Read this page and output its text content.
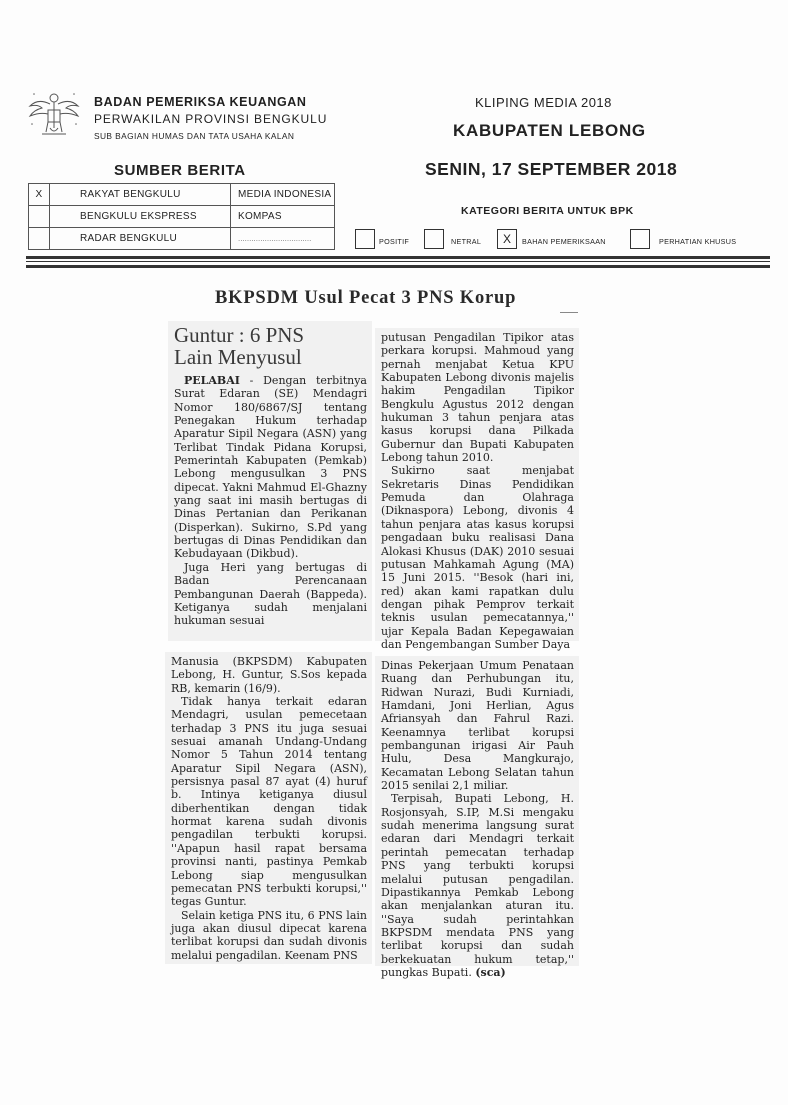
BADAN PEMERIKSA KEUANGAN
PERWAKILAN PROVINSI BENGKULU
SUB BAGIAN HUMAS DAN TATA USAHA KALAN
KLIPING MEDIA 2018
KABUPATEN LEBONG
SUMBER BERITA	SENIN, 17 SEPTEMBER 2018
X	RAKYAT BENGKULU	MEDIA INDONESIA
	BENGKULU EKSPRESS	KOMPAS
	RADAR BENGKULU	.................................
KATEGORI BERITA UNTUK BPK
POSITIF	NETRAL	X	BAHAN PEMERIKSAAN	PERHATIAN KHUSUS
BKPSDM Usul Pecat 3 PNS Korup
Guntur : 6 PNS
Lain Menyusul

PELABAI - Dengan terbitnya Surat Edaran (SE) Mendagri Nomor 180/6867/SJ tentang Penegakan Hukum terhadap Aparatur Sipil Negara (ASN) yang Terlibat Tindak Pidana Korupsi, Pemerintah Kabupaten (Pemkab) Lebong mengusulkan 3 PNS dipecat. Yakni Mahmud El-Ghazny yang saat ini masih bertugas di Dinas Pertanian dan Perikanan (Disperkan). Sukirno, S.Pd yang bertugas di Dinas Pendidikan dan Kebudayaan (Dikbud).

Juga Heri yang bertugas di Badan Perencanaan Pembangunan Daerah (Bappeda). Ketiganya sudah menjalani hukuman sesuai

putusan Pengadilan Tipikor atas perkara korupsi. Mahmoud yang pernah menjabat Ketua KPU Kabupaten Lebong divonis majelis hakim Pengadilan Tipikor Bengkulu Agustus 2012 dengan hukuman 3 tahun penjara atas kasus korupsi dana Pilkada Gubernur dan Bupati Kabupaten Lebong tahun 2010.

Sukirno saat menjabat Sekretaris Dinas Pendidikan Pemuda dan Olahraga (Diknaspora) Lebong, divonis 4 tahun penjara atas kasus korupsi pengadaan buku realisasi Dana Alokasi Khusus (DAK) 2010 sesuai putusan Mahkamah Agung (MA) 15 Juni 2015. ''Besok (hari ini, red) akan kami rapatkan dulu dengan pihak Pemprov terkait teknis usulan pemecatannya,'' ujar Kepala Badan Kepegawaian dan Pengembangan Sumber Daya

Manusia (BKPSDM) Kabupaten Lebong, H. Guntur, S.Sos kepada RB, kemarin (16/9).

Tidak hanya terkait edaran Mendagri, usulan pemecetaan terhadap 3 PNS itu juga sesuai sesuai amanah Undang-Undang Nomor 5 Tahun 2014 tentang Aparatur Sipil Negara (ASN), persisnya pasal 87 ayat (4) huruf b. Intinya ketiganya diusul diberhentikan dengan tidak hormat karena sudah divonis pengadilan terbukti korupsi. ''Apapun hasil rapat bersama provinsi nanti, pastinya Pemkab Lebong siap mengusulkan pemecatan PNS terbukti korupsi,'' tegas Guntur.

Selain ketiga PNS itu, 6 PNS lain juga akan diusul dipecat karena terlibat korupsi dan sudah divonis melalui pengadilan. Keenam PNS

Dinas Pekerjaan Umum Penataan Ruang dan Perhubungan itu, Ridwan Nurazi, Budi Kurniadi, Hamdani, Joni Herlian, Agus Afriansyah dan Fahrul Razi. Keenamnya terlibat korupsi pembangunan irigasi Air Pauh Hulu, Desa Mangkurajo, Kecamatan Lebong Selatan tahun 2015 senilai 2,1 miliar.

Terpisah, Bupati Lebong, H. Rosjonsyah, S.IP, M.Si mengaku sudah menerima langsung surat edaran dari Mendagri terkait perintah pemecatan terhadap PNS yang terbukti korupsi melalui putusan pengadilan. Dipastikannya Pemkab Lebong akan menjalankan aturan itu. ''Saya sudah perintahkan BKPSDM mendata PNS yang terlibat korupsi dan sudah berkekuatan hukum tetap,'' pungkas Bupati. (sca)
